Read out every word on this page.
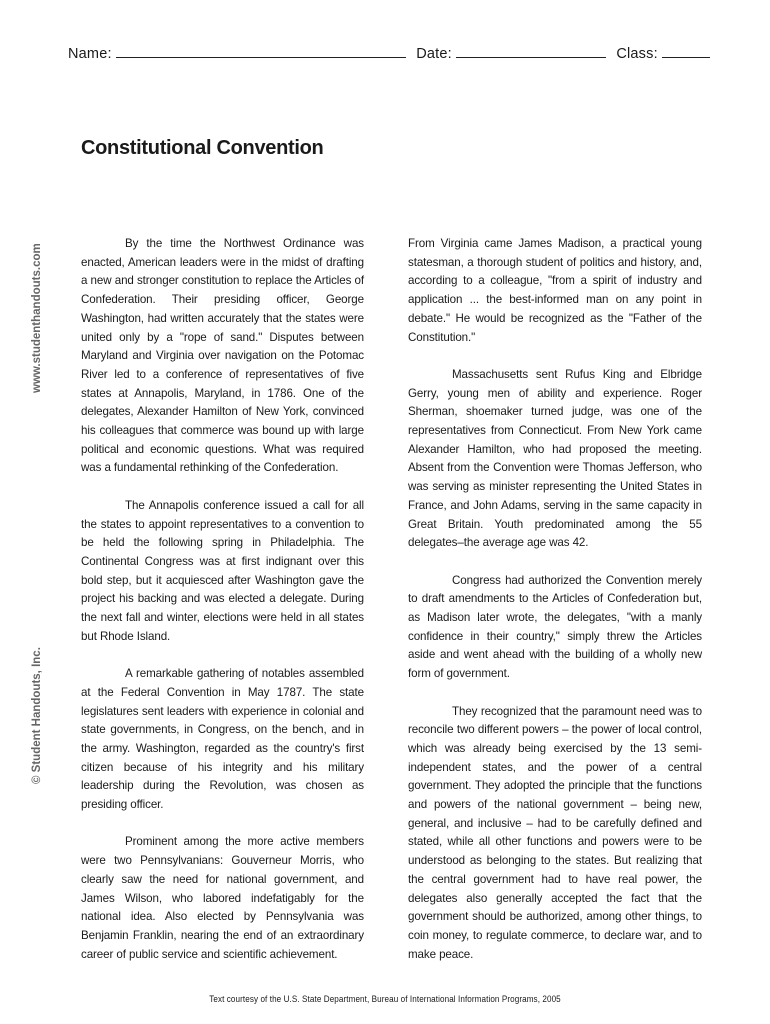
Name:	Date:	Class:
Constitutional Convention
www.studenthandouts.com
© Student Handouts, Inc.

By the time the Northwest Ordinance was enacted, American leaders were in the midst of drafting a new and stronger constitution to replace the Articles of Confederation. Their presiding officer, George Washington, had written accurately that the states were united only by a "rope of sand." Disputes between Maryland and Virginia over navigation on the Potomac River led to a conference of representatives of five states at Annapolis, Maryland, in 1786. One of the delegates, Alexander Hamilton of New York, convinced his colleagues that commerce was bound up with large political and economic questions. What was required was a fundamental rethinking of the Confederation.

The Annapolis conference issued a call for all the states to appoint representatives to a convention to be held the following spring in Philadelphia. The Continental Congress was at first indignant over this bold step, but it acquiesced after Washington gave the project his backing and was elected a delegate. During the next fall and winter, elections were held in all states but Rhode Island.

A remarkable gathering of notables assembled at the Federal Convention in May 1787. The state legislatures sent leaders with experience in colonial and state governments, in Congress, on the bench, and in the army. Washington, regarded as the country's first citizen because of his integrity and his military leadership during the Revolution, was chosen as presiding officer.

Prominent among the more active members were two Pennsylvanians: Gouverneur Morris, who clearly saw the need for national government, and James Wilson, who labored indefatigably for the national idea. Also elected by Pennsylvania was Benjamin Franklin, nearing the end of an extraordinary career of public service and scientific achievement.

From Virginia came James Madison, a practical young statesman, a thorough student of politics and history, and, according to a colleague, "from a spirit of industry and application ... the best-informed man on any point in debate." He would be recognized as the "Father of the Constitution."

Massachusetts sent Rufus King and Elbridge Gerry, young men of ability and experience. Roger Sherman, shoemaker turned judge, was one of the representatives from Connecticut. From New York came Alexander Hamilton, who had proposed the meeting. Absent from the Convention were Thomas Jefferson, who was serving as minister representing the United States in France, and John Adams, serving in the same capacity in Great Britain. Youth predominated among the 55 delegates–the average age was 42.

Congress had authorized the Convention merely to draft amendments to the Articles of Confederation but, as Madison later wrote, the delegates, "with a manly confidence in their country," simply threw the Articles aside and went ahead with the building of a wholly new form of government.

They recognized that the paramount need was to reconcile two different powers – the power of local control, which was already being exercised by the 13 semi-independent states, and the power of a central government. They adopted the principle that the functions and powers of the national government – being new, general, and inclusive – had to be carefully defined and stated, while all other functions and powers were to be understood as belonging to the states. But realizing that the central government had to have real power, the delegates also generally accepted the fact that the government should be authorized, among other things, to coin money, to regulate commerce, to declare war, and to make peace.

Text courtesy of the U.S. State Department, Bureau of International Information Programs, 2005
